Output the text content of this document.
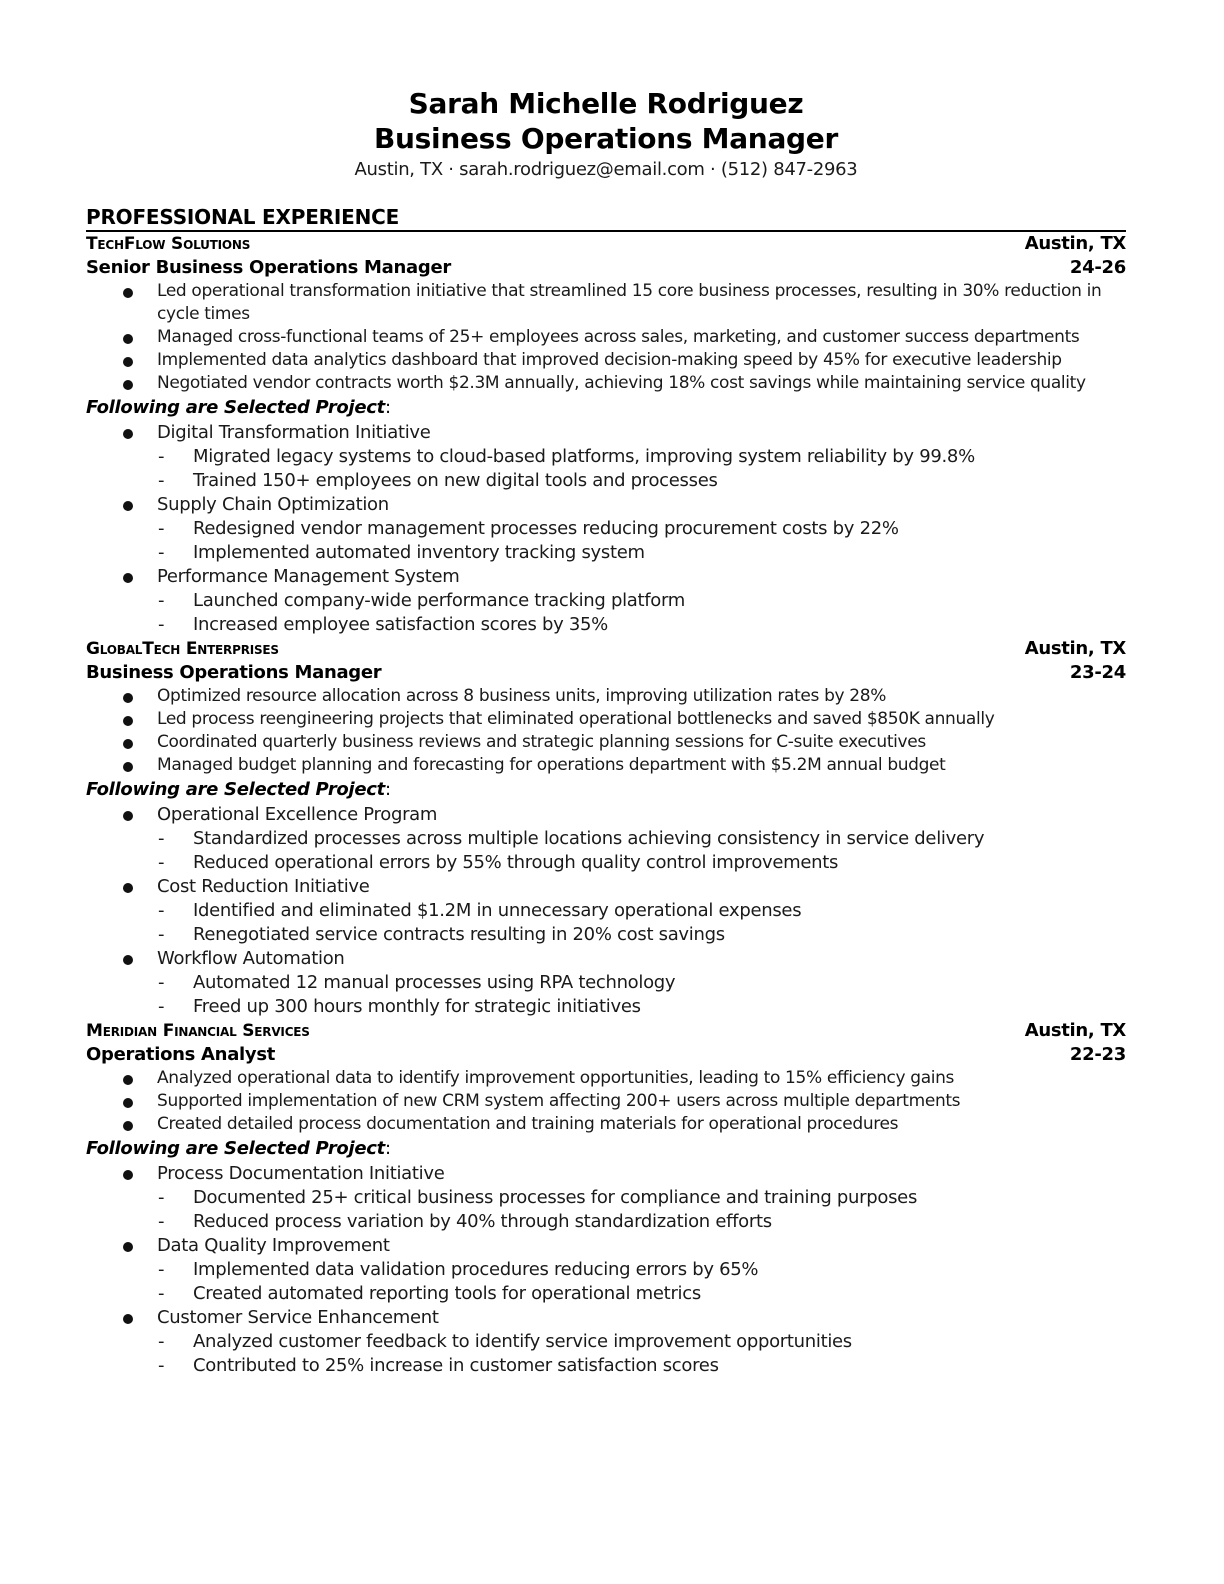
Sarah Michelle Rodriguez
Business Operations Manager
Austin, TX · sarah.rodriguez@email.com · (512) 847-2963
PROFESSIONAL EXPERIENCE
TechFlow Solutions	Austin, TX
Senior Business Operations Manager	24-26
Led operational transformation initiative that streamlined 15 core business processes, resulting in 30% reduction in cycle times
Managed cross-functional teams of 25+ employees across sales, marketing, and customer success departments
Implemented data analytics dashboard that improved decision-making speed by 45% for executive leadership
Negotiated vendor contracts worth $2.3M annually, achieving 18% cost savings while maintaining service quality
Following are Selected Project:
Digital Transformation Initiative
- Migrated legacy systems to cloud-based platforms, improving system reliability by 99.8%
- Trained 150+ employees on new digital tools and processes
Supply Chain Optimization
- Redesigned vendor management processes reducing procurement costs by 22%
- Implemented automated inventory tracking system
Performance Management System
- Launched company-wide performance tracking platform
- Increased employee satisfaction scores by 35%
GlobalTech Enterprises	Austin, TX
Business Operations Manager	23-24
Optimized resource allocation across 8 business units, improving utilization rates by 28%
Led process reengineering projects that eliminated operational bottlenecks and saved $850K annually
Coordinated quarterly business reviews and strategic planning sessions for C-suite executives
Managed budget planning and forecasting for operations department with $5.2M annual budget
Following are Selected Project:
Operational Excellence Program
- Standardized processes across multiple locations achieving consistency in service delivery
- Reduced operational errors by 55% through quality control improvements
Cost Reduction Initiative
- Identified and eliminated $1.2M in unnecessary operational expenses
- Renegotiated service contracts resulting in 20% cost savings
Workflow Automation
- Automated 12 manual processes using RPA technology
- Freed up 300 hours monthly for strategic initiatives
Meridian Financial Services	Austin, TX
Operations Analyst	22-23
Analyzed operational data to identify improvement opportunities, leading to 15% efficiency gains
Supported implementation of new CRM system affecting 200+ users across multiple departments
Created detailed process documentation and training materials for operational procedures
Following are Selected Project:
Process Documentation Initiative
- Documented 25+ critical business processes for compliance and training purposes
- Reduced process variation by 40% through standardization efforts
Data Quality Improvement
- Implemented data validation procedures reducing errors by 65%
- Created automated reporting tools for operational metrics
Customer Service Enhancement
- Analyzed customer feedback to identify service improvement opportunities
- Contributed to 25% increase in customer satisfaction scores
